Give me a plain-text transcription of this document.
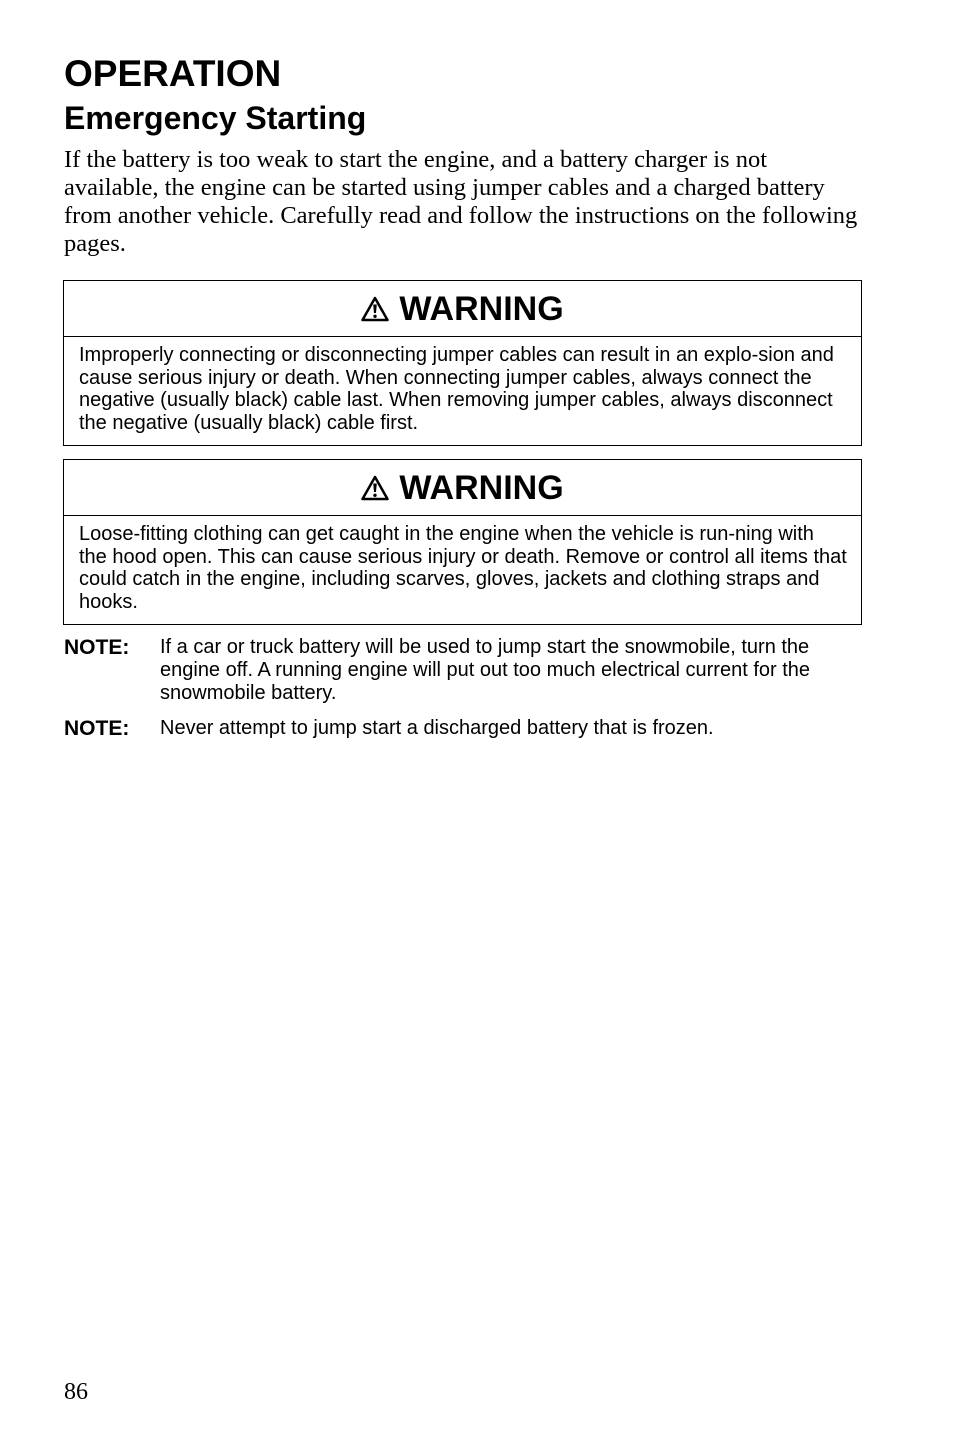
OPERATION
Emergency Starting

If the battery is too weak to start the engine, and a battery charger is not available, the engine can be started using jumper cables and a charged battery from another vehicle. Carefully read and follow the instructions on the following pages.

WARNING

Improperly connecting or disconnecting jumper cables can result in an explo-sion and cause serious injury or death. When connecting jumper cables, always connect the negative (usually black) cable last. When removing jumper cables, always disconnect the negative (usually black) cable first.

WARNING

Loose-fitting clothing can get caught in the engine when the vehicle is run-ning with the hood open. This can cause serious injury or death. Remove or control all items that could catch in the engine, including scarves, gloves, jackets and clothing straps and hooks.

NOTE:	If a car or truck battery will be used to jump start the snowmobile, turn the engine off. A running engine will put out too much electrical current for the snowmobile battery.

NOTE:	Never attempt to jump start a discharged battery that is frozen.

86
